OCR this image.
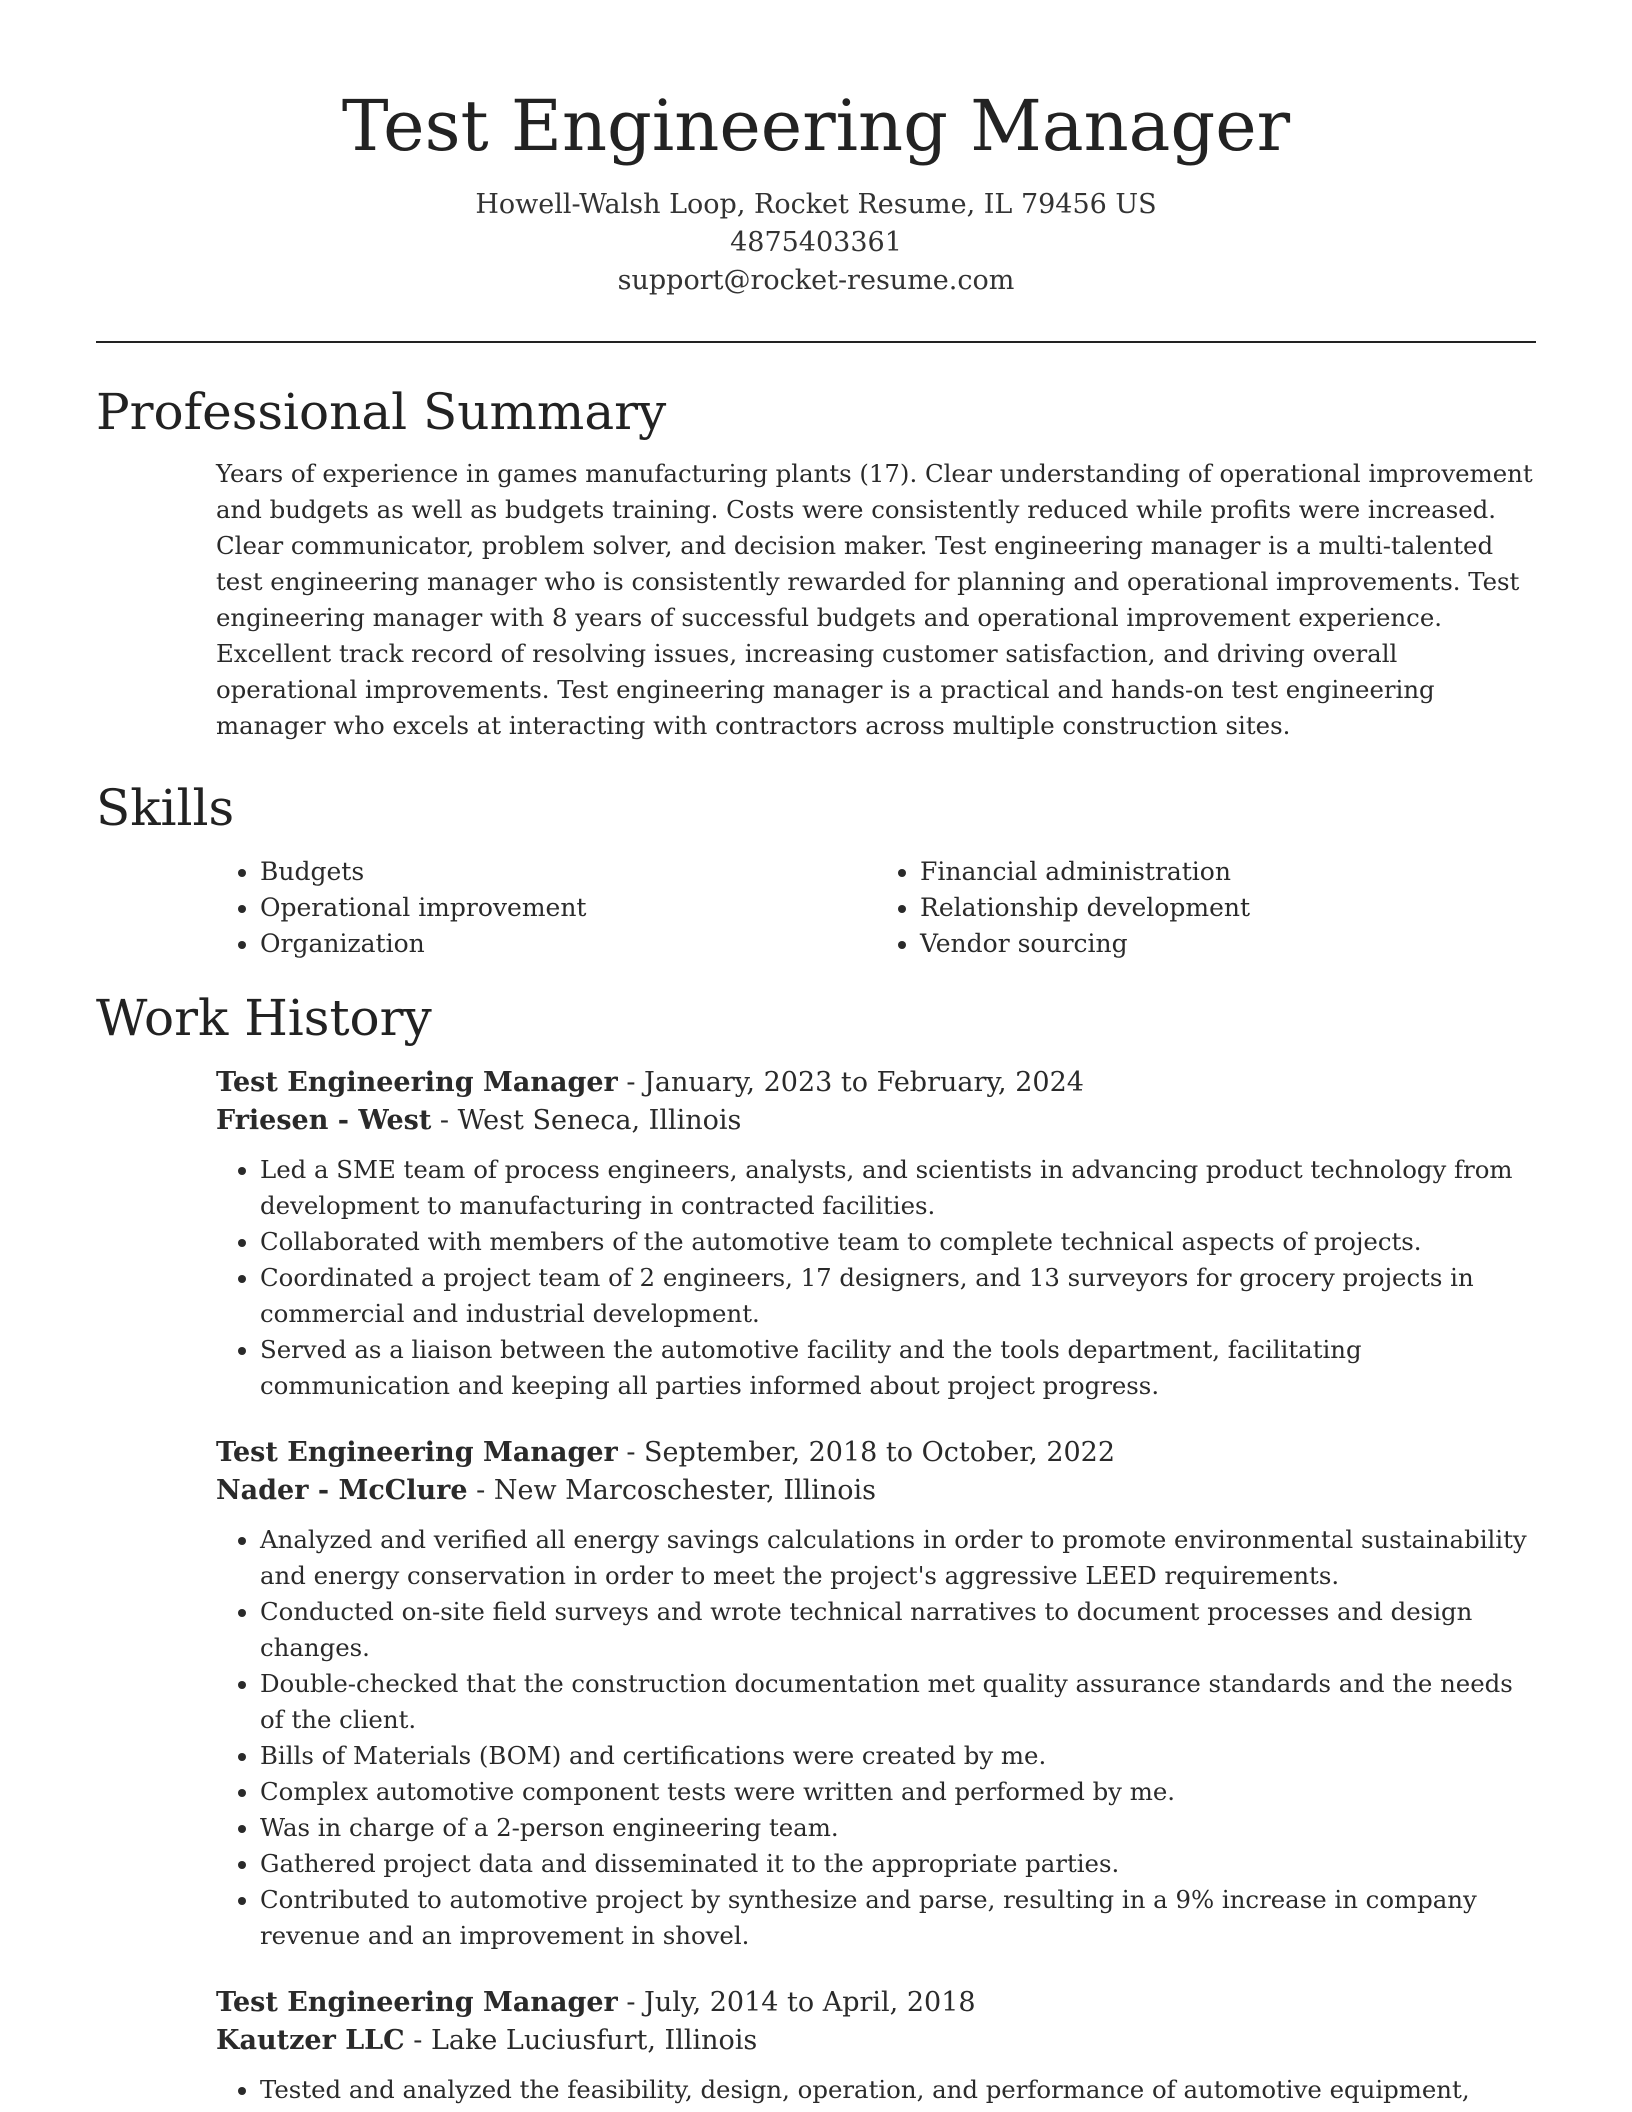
Test Engineering Manager
Howell-Walsh Loop, Rocket Resume, IL 79456 US
4875403361
support@rocket-resume.com
Professional Summary
Years of experience in games manufacturing plants (17). Clear understanding of operational improvement and budgets as well as budgets training. Costs were consistently reduced while profits were increased. Clear communicator, problem solver, and decision maker. Test engineering manager is a multi-talented test engineering manager who is consistently rewarded for planning and operational improvements. Test engineering manager with 8 years of successful budgets and operational improvement experience. Excellent track record of resolving issues, increasing customer satisfaction, and driving overall operational improvements. Test engineering manager is a practical and hands-on test engineering manager who excels at interacting with contractors across multiple construction sites.
Skills
• Budgets
• Operational improvement
• Organization
• Financial administration
• Relationship development
• Vendor sourcing
Work History
Test Engineering Manager - January, 2023 to February, 2024
Friesen - West - West Seneca, Illinois
• Led a SME team of process engineers, analysts, and scientists in advancing product technology from development to manufacturing in contracted facilities.
• Collaborated with members of the automotive team to complete technical aspects of projects.
• Coordinated a project team of 2 engineers, 17 designers, and 13 surveyors for grocery projects in commercial and industrial development.
• Served as a liaison between the automotive facility and the tools department, facilitating communication and keeping all parties informed about project progress.
Test Engineering Manager - September, 2018 to October, 2022
Nader - McClure - New Marcoschester, Illinois
• Analyzed and verified all energy savings calculations in order to promote environmental sustainability and energy conservation in order to meet the project's aggressive LEED requirements.
• Conducted on-site field surveys and wrote technical narratives to document processes and design changes.
• Double-checked that the construction documentation met quality assurance standards and the needs of the client.
• Bills of Materials (BOM) and certifications were created by me.
• Complex automotive component tests were written and performed by me.
• Was in charge of a 2-person engineering team.
• Gathered project data and disseminated it to the appropriate parties.
• Contributed to automotive project by synthesize and parse, resulting in a 9% increase in company revenue and an improvement in shovel.
Test Engineering Manager - July, 2014 to April, 2018
Kautzer LLC - Lake Luciusfurt, Illinois
• Tested and analyzed the feasibility, design, operation, and performance of automotive equipment,
